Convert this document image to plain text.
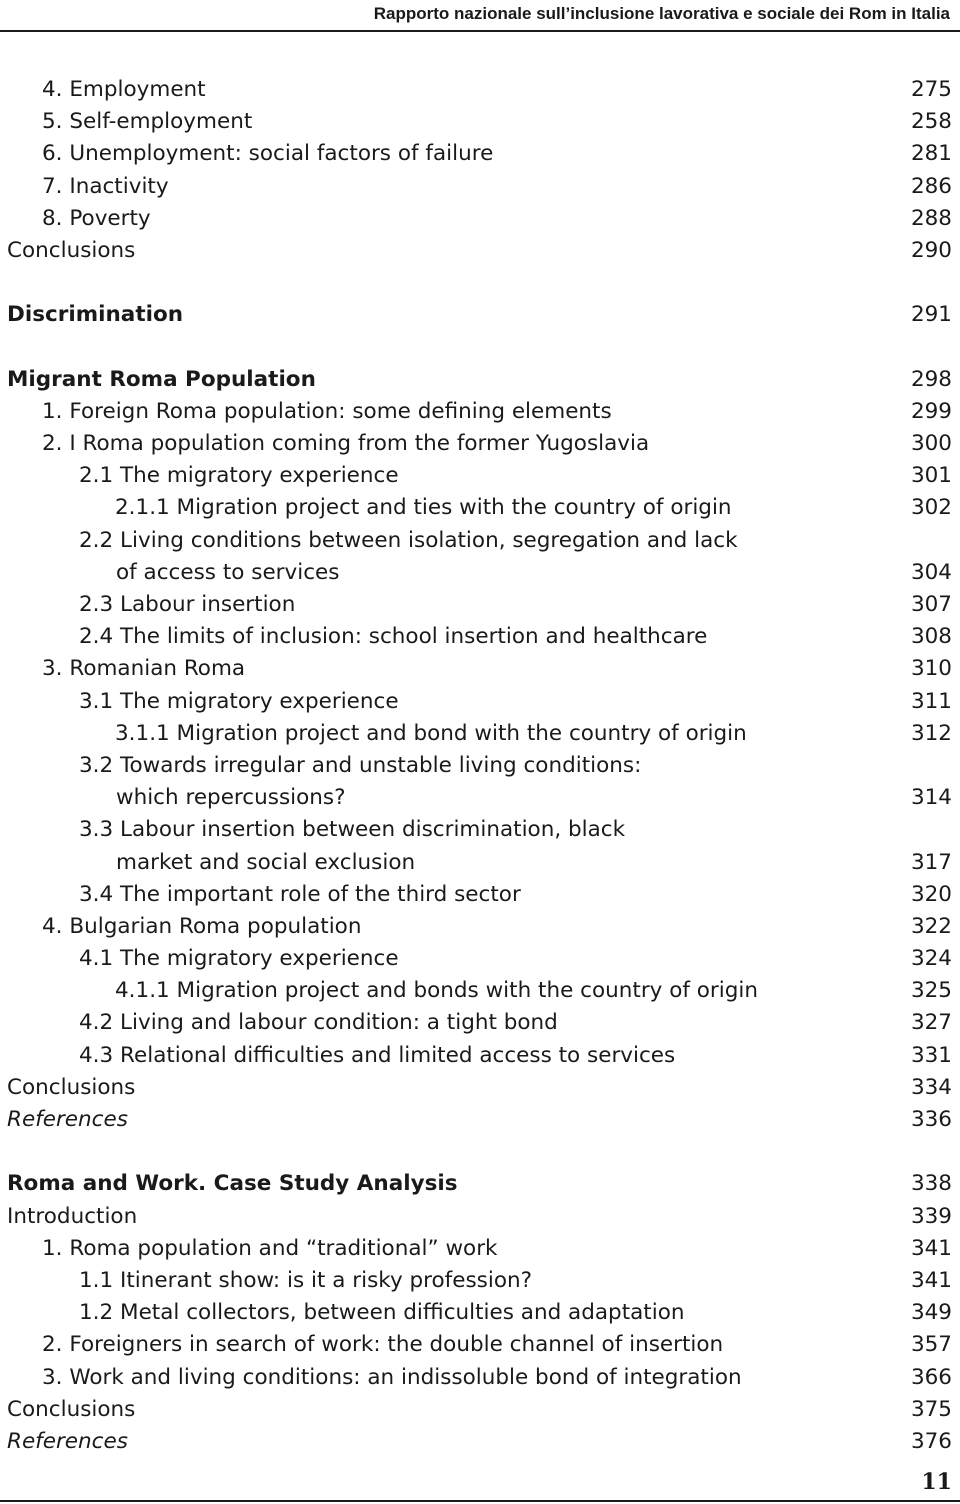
Rapporto nazionale sull’inclusione lavorativa e sociale dei Rom in Italia
4. Employment	275
5. Self-employment	258
6. Unemployment: social factors of failure	281
7. Inactivity	286
8. Poverty	288
Conclusions	290
Discrimination	291
Migrant Roma Population	298
1. Foreign Roma population: some defining elements	299
2. I Roma population coming from the former Yugoslavia	300
2.1 The migratory experience	301
2.1.1 Migration project and ties with the country of origin	302
2.2 Living conditions between isolation, segregation and lack
of access to services	304
2.3 Labour insertion	307
2.4 The limits of inclusion: school insertion and healthcare	308
3. Romanian Roma	310
3.1 The migratory experience	311
3.1.1 Migration project and bond with the country of origin	312
3.2 Towards irregular and unstable living conditions:
which repercussions?	314
3.3 Labour insertion between discrimination, black
market and social exclusion	317
3.4 The important role of the third sector	320
4. Bulgarian Roma population	322
4.1 The migratory experience	324
4.1.1 Migration project and bonds with the country of origin	325
4.2 Living and labour condition: a tight bond	327
4.3 Relational difficulties and limited access to services	331
Conclusions	334
References	336
Roma and Work. Case Study Analysis	338
Introduction	339
1. Roma population and “traditional” work	341
1.1 Itinerant show: is it a risky profession?	341
1.2 Metal collectors, between difficulties and adaptation	349
2. Foreigners in search of work: the double channel of insertion	357
3. Work and living conditions: an indissoluble bond of integration	366
Conclusions	375
References	376
11
